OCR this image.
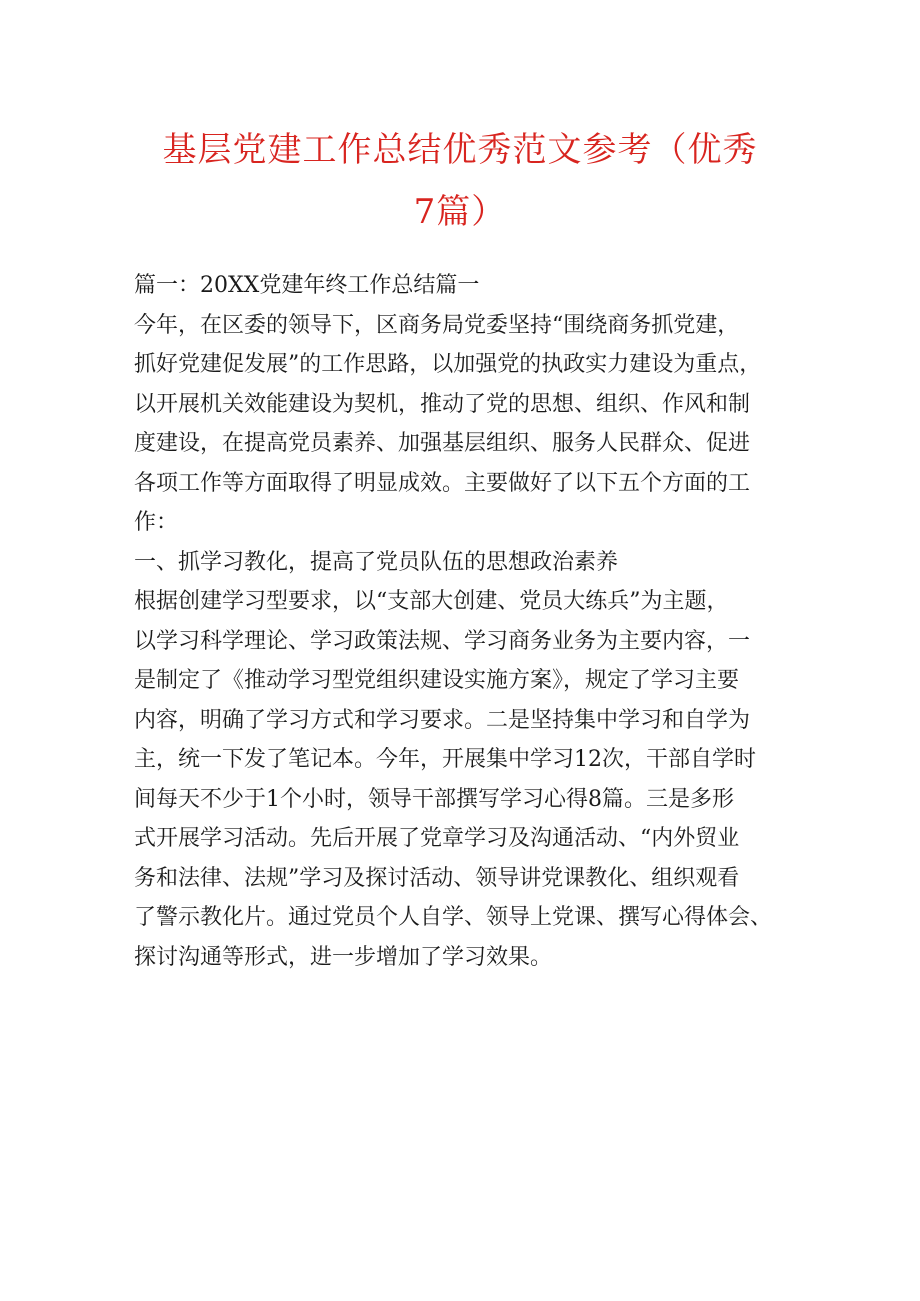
基层党建工作总结优秀范文参考（优秀
7篇）
篇一：20XX党建年终工作总结篇一
今年，在区委的领导下，区商务局党委坚持“围绕商务抓党建，
抓好党建促发展”的工作思路，以加强党的执政实力建设为重点，
以开展机关效能建设为契机，推动了党的思想、组织、作风和制
度建设，在提高党员素养、加强基层组织、服务人民群众、促进
各项工作等方面取得了明显成效。主要做好了以下五个方面的工
作：
一、抓学习教化，提高了党员队伍的思想政治素养
根据创建学习型要求，以“支部大创建、党员大练兵”为主题，
以学习科学理论、学习政策法规、学习商务业务为主要内容，一
是制定了《推动学习型党组织建设实施方案》，规定了学习主要
内容，明确了学习方式和学习要求。二是坚持集中学习和自学为
主，统一下发了笔记本。今年，开展集中学习12次，干部自学时
间每天不少于1个小时，领导干部撰写学习心得8篇。三是多形
式开展学习活动。先后开展了党章学习及沟通活动、“内外贸业
务和法律、法规”学习及探讨活动、领导讲党课教化、组织观看
了警示教化片。通过党员个人自学、领导上党课、撰写心得体会、
探讨沟通等形式，进一步增加了学习效果。
